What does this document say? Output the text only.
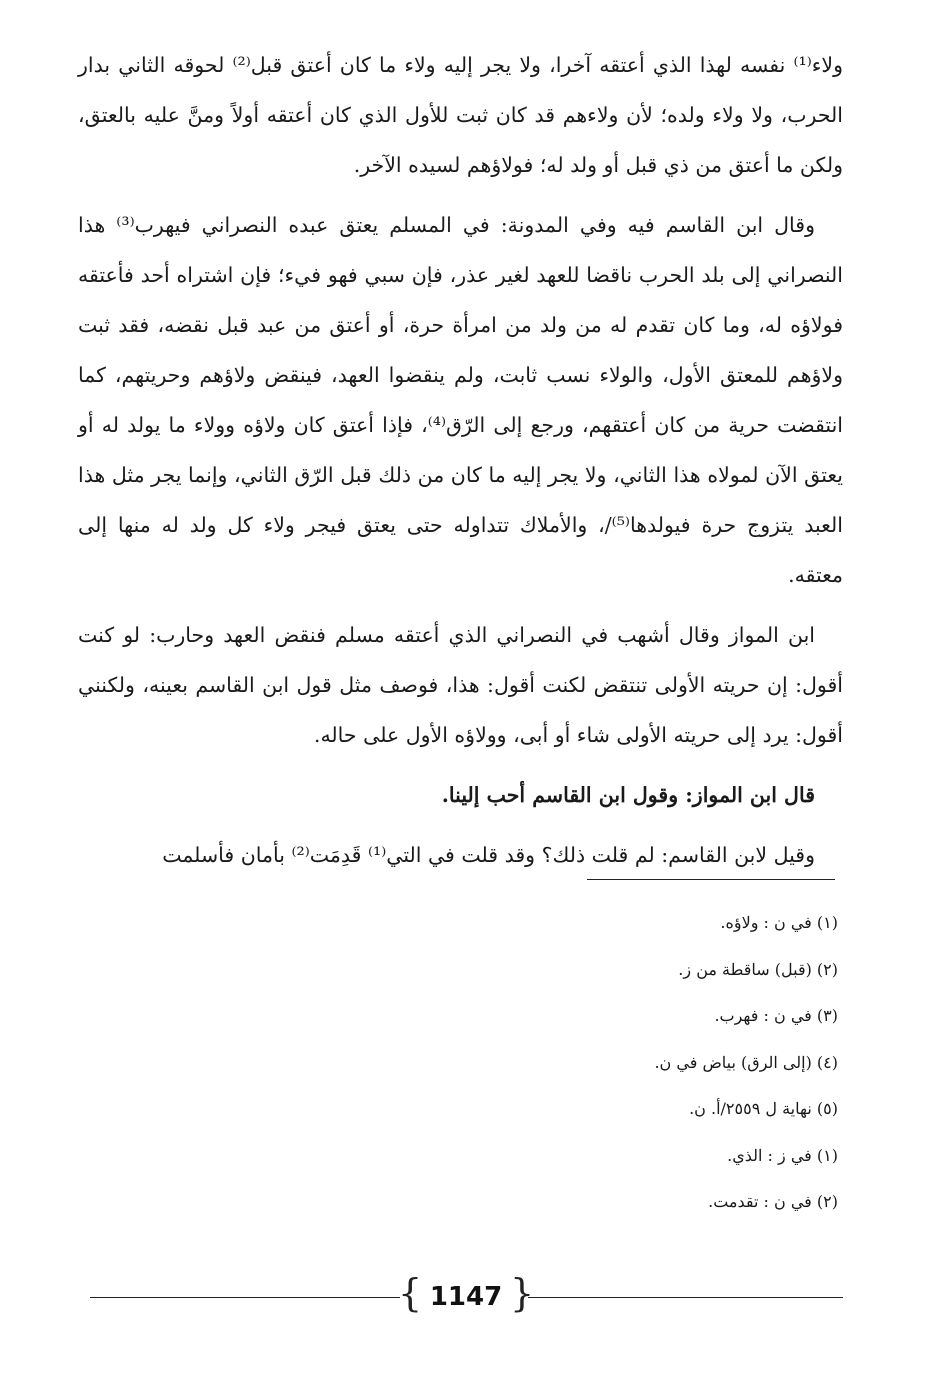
ولاء⁽¹⁾ نفسه لهذا الذي أعتقه آخرا، ولا يجر إليه ولاء ما كان أعتق قبل⁽²⁾ لحوقه الثاني بدار الحرب، ولا ولاء ولده؛ لأن ولاءهم قد كان ثبت للأول الذي كان أعتقه أولاً ومنَّ عليه بالعتق، ولكن ما أعتق من ذي قبل أو ولد له؛ فولاؤهم لسيده الآخر.

وقال ابن القاسم فيه وفي المدونة: في المسلم يعتق عبده النصراني فيهرب⁽³⁾ هذا النصراني إلى بلد الحرب ناقضا للعهد لغير عذر، فإن سبي فهو فيء؛ فإن اشتراه أحد فأعتقه فولاؤه له، وما كان تقدم له من ولد من امرأة حرة، أو أعتق من عبد قبل نقضه، فقد ثبت ولاؤهم للمعتق الأول، والولاء نسب ثابت، ولم ينقضوا العهد، فينقض ولاؤهم وحريتهم، كما انتقضت حرية من كان أعتقهم، ورجع إلى الرّق⁽⁴⁾، فإذا أعتق كان ولاؤه وولاء ما يولد له أو يعتق الآن لمولاه هذا الثاني، ولا يجر إليه ما كان من ذلك قبل الرّق الثاني، وإنما يجر مثل هذا العبد يتزوج حرة فيولدها⁽⁵⁾/، والأملاك تتداوله حتى يعتق فيجر ولاء كل ولد له منها إلى معتقه.

ابن المواز وقال أشهب في النصراني الذي أعتقه مسلم فنقض العهد وحارب: لو كنت أقول: إن حريته الأولى تنتقض لكنت أقول: هذا، فوصف مثل قول ابن القاسم بعينه، ولكنني أقول: يرد إلى حريته الأولى شاء أو أبى، وولاؤه الأول على حاله.

قال ابن المواز: وقول ابن القاسم أحب إلينا.

وقيل لابن القاسم: لم قلت ذلك؟ وقد قلت في التي⁽¹⁾ قَدِمَت⁽²⁾ بأمان فأسلمت

(١) في ن : ولاؤه.

(٢) (قبل) ساقطة من ز.

(٣) في ن : فهرب.

(٤) (إلى الرق) بياض في ن.

(٥) نهاية ل ٢٥٥٩/أ. ن.

(١) في ز : الذي.

(٢) في ن : تقدمت.

{ }
1147
